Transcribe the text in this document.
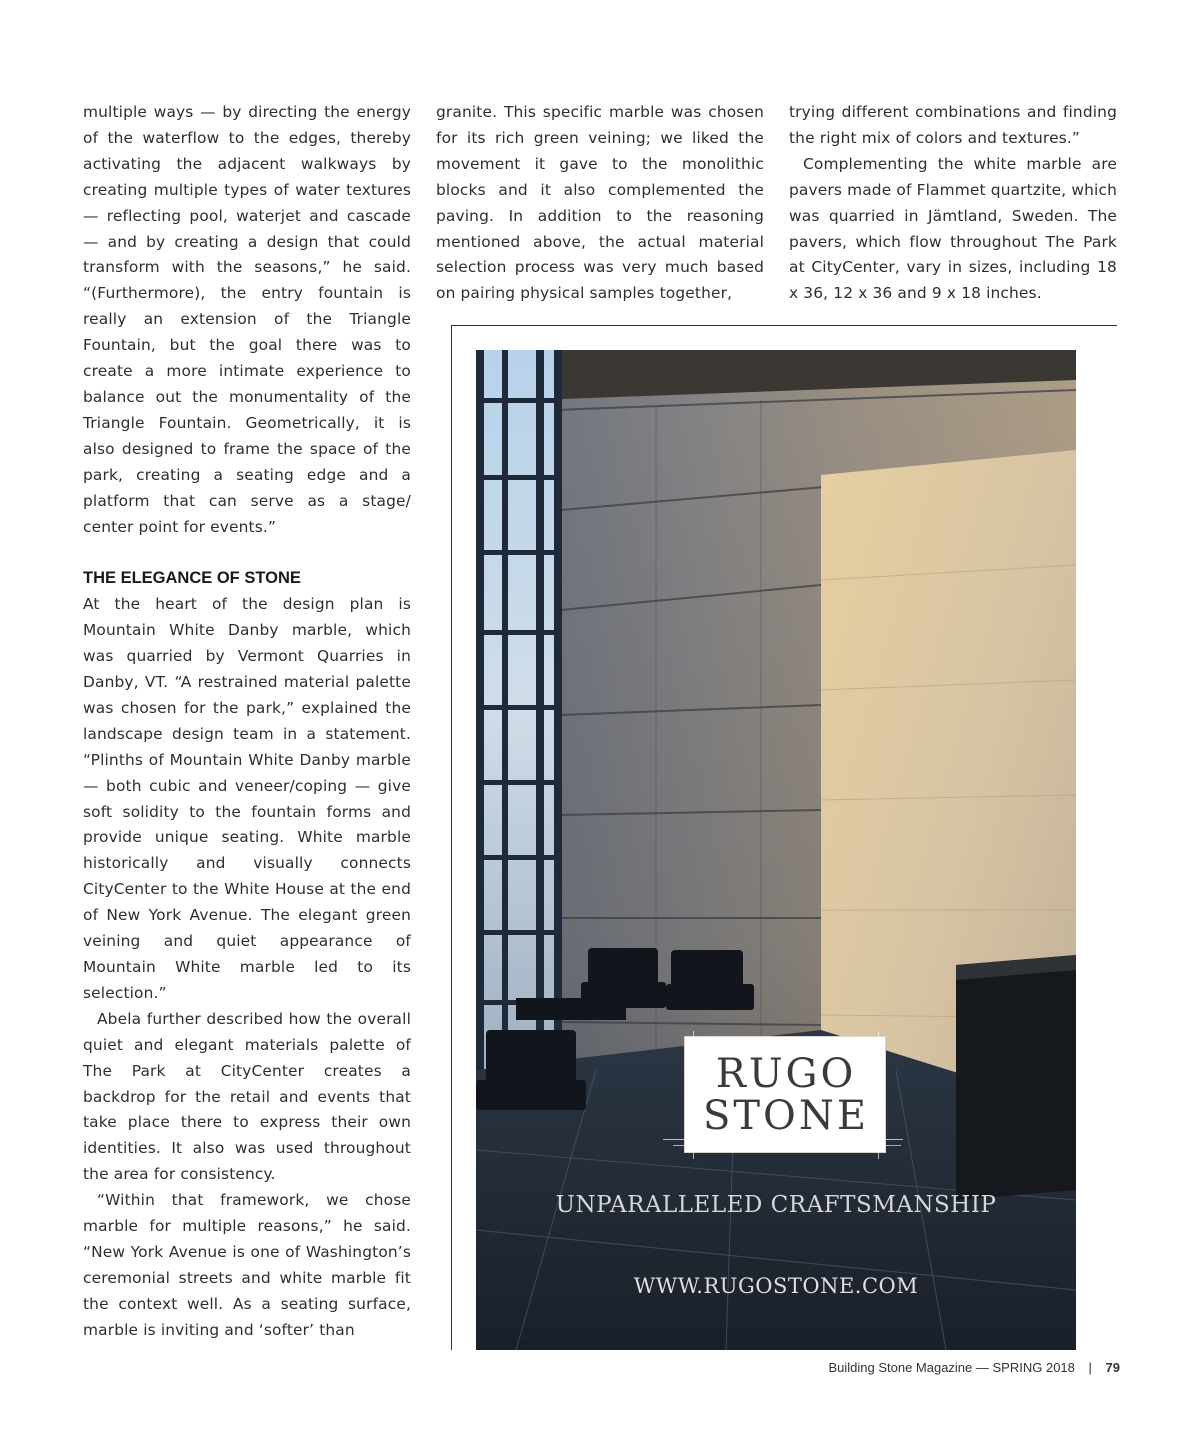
multiple ways — by directing the energy of the waterflow to the edges, thereby activating the adjacent walkways by creating multiple types of water textures — reflecting pool, waterjet and cascade — and by creating a design that could transform with the seasons,” he said. “(Furthermore), the entry fountain is really an extension of the Triangle Fountain, but the goal there was to create a more intimate experience to balance out the monumentality of the Triangle Fountain. Geometrically, it is also designed to frame the space of the park, creating a seating edge and a platform that can serve as a stage/ center point for events.”

THE ELEGANCE OF STONE

At the heart of the design plan is Mountain White Danby marble, which was quarried by Vermont Quarries in Danby, VT. “A restrained material palette was chosen for the park,” explained the landscape design team in a statement. “Plinths of Mountain White Danby marble — both cubic and veneer/coping — give soft solidity to the fountain forms and provide unique seating. White marble historically and visually connects CityCenter to the White House at the end of New York Avenue. The elegant green veining and quiet appearance of Mountain White marble led to its selection.”

Abela further described how the overall quiet and elegant materials palette of The Park at CityCenter creates a backdrop for the retail and events that take place there to express their own identities. It also was used throughout the area for consistency.

“Within that framework, we chose marble for multiple reasons,” he said. “New York Avenue is one of Washington’s ceremonial streets and white marble fit the context well. As a seating surface, marble is inviting and ‘softer’ than

granite. This specific marble was chosen for its rich green veining; we liked the movement it gave to the monolithic blocks and it also complemented the paving. In addition to the reasoning mentioned above, the actual material selection process was very much based on pairing physical samples together,

trying different combinations and finding the right mix of colors and textures.”

Complementing the white marble are pavers made of Flammet quartzite, which was quarried in Jämtland, Sweden. The pavers, which flow throughout The Park at CityCenter, vary in sizes, including 18 x 36, 12 x 36 and 9 x 18 inches.

RUGO
STONE
UNPARALLELED CRAFTSMANSHIP
WWW.RUGOSTONE.COM
Building Stone Magazine — SPRING 2018 | 79
